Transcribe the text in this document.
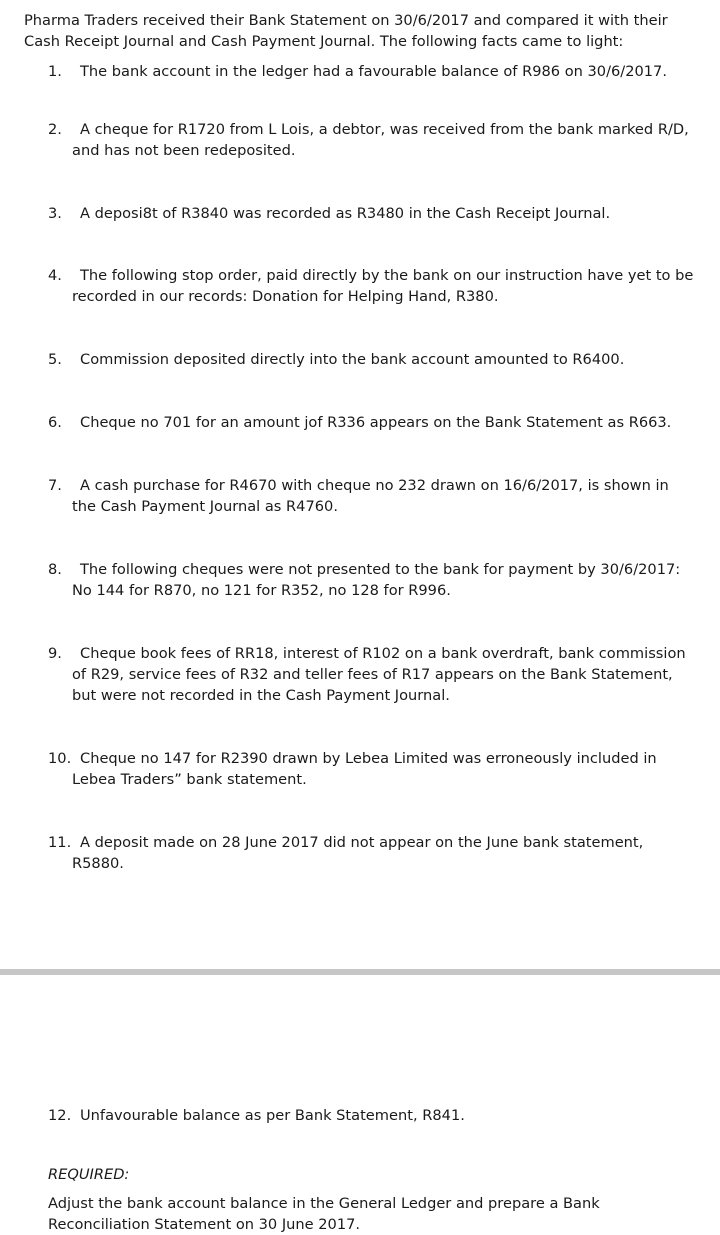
Pharma Traders received their Bank Statement on 30/6/2017 and compared it with their Cash Receipt Journal and Cash Payment Journal. The following facts came to light:
1.	The bank account in the ledger had a favourable balance of R986 on 30/6/2017.
2.	A cheque for R1720 from L Lois, a debtor, was received from the bank marked R/D, and has not been redeposited.
3.	A deposi8t of R3840 was recorded as R3480 in the Cash Receipt Journal.
4.	The following stop order, paid directly by the bank on our instruction have yet to be recorded in our records: Donation for Helping Hand, R380.
5.	Commission deposited directly into the bank account amounted to R6400.
6.	Cheque no 701 for an amount jof R336 appears on the Bank Statement as R663.
7.	A cash purchase for R4670 with cheque no 232 drawn on 16/6/2017, is shown in the Cash Payment Journal as R4760.
8.	The following cheques were not presented to the bank for payment by 30/6/2017: No 144 for R870, no 121 for R352, no 128 for R996.
9.	Cheque book fees of RR18, interest of R102 on a bank overdraft, bank commission of R29, service fees of R32 and teller fees of R17 appears on the Bank Statement, but were not recorded in the Cash Payment Journal.
10. Cheque no 147 for R2390 drawn by Lebea Limited was erroneously included in Lebea Traders” bank statement.
11. A deposit made on 28 June 2017 did not appear on the June bank statement, R5880.
12. Unfavourable balance as per Bank Statement, R841.
REQUIRED:
Adjust the bank account balance in the General Ledger and prepare a Bank Reconciliation Statement on 30 June 2017.
